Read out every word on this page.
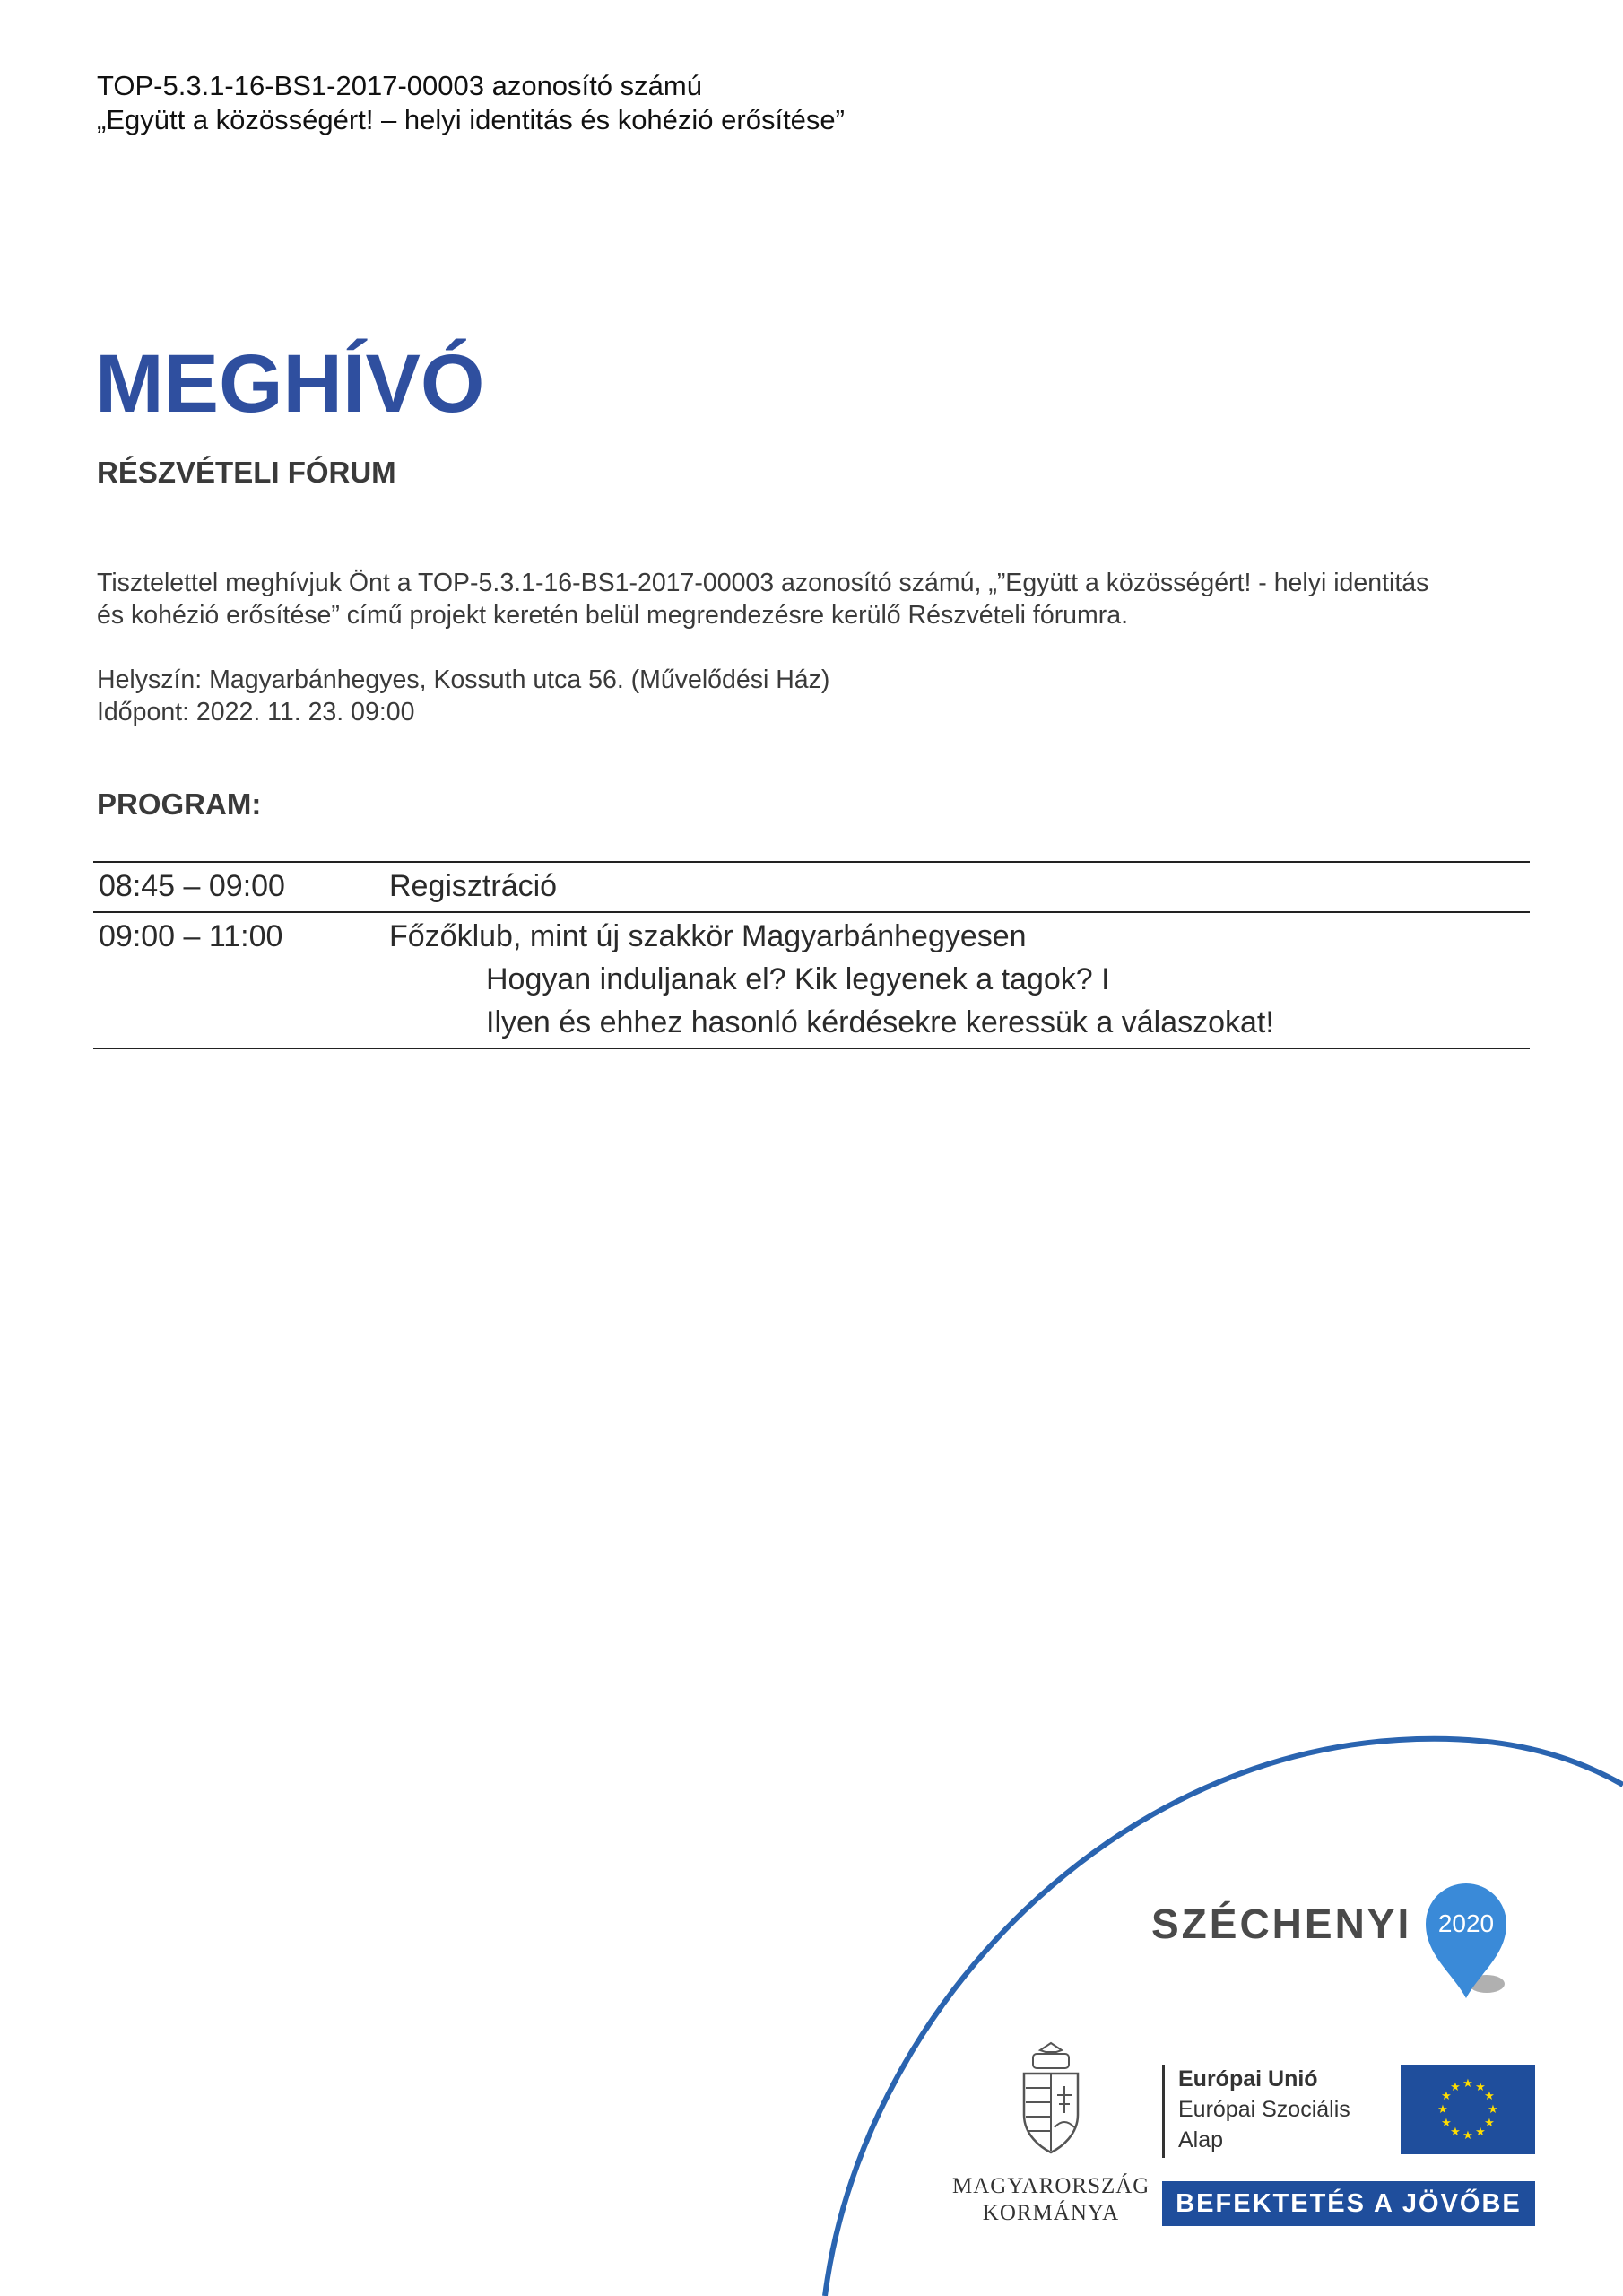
TOP-5.3.1-16-BS1-2017-00003 azonosító számú
„Együtt a közösségért! – helyi identitás és kohézió erősítése”
MEGHÍVÓ
RÉSZVÉTELI FÓRUM
Tisztelettel meghívjuk Önt a TOP-5.3.1-16-BS1-2017-00003 azonosító számú, „”Együtt a közösségért! - helyi identitás
és kohézió erősítése” című projekt keretén belül megrendezésre kerülő Részvételi fórumra.
Helyszín: Magyarbánhegyes, Kossuth utca 56. (Művelődési Ház)
Időpont: 2022. 11. 23. 09:00
PROGRAM:
08:45 – 09:00	Regisztráció
09:00 – 11:00	Főzőklub, mint új szakkör Magyarbánhegyesen
Hogyan induljanak el? Kik legyenek a tagok? I
Ilyen és ehhez hasonló kérdésekre keressük a válaszokat!
SZÉCHENYI 2020
MAGYARORSZÁG
KORMÁNYA
Európai Unió
Európai Szociális
Alap
★ ★
★
★
★
★
★
★
★
★
★
★
BEFEKTETÉS A JÖVŐBE
